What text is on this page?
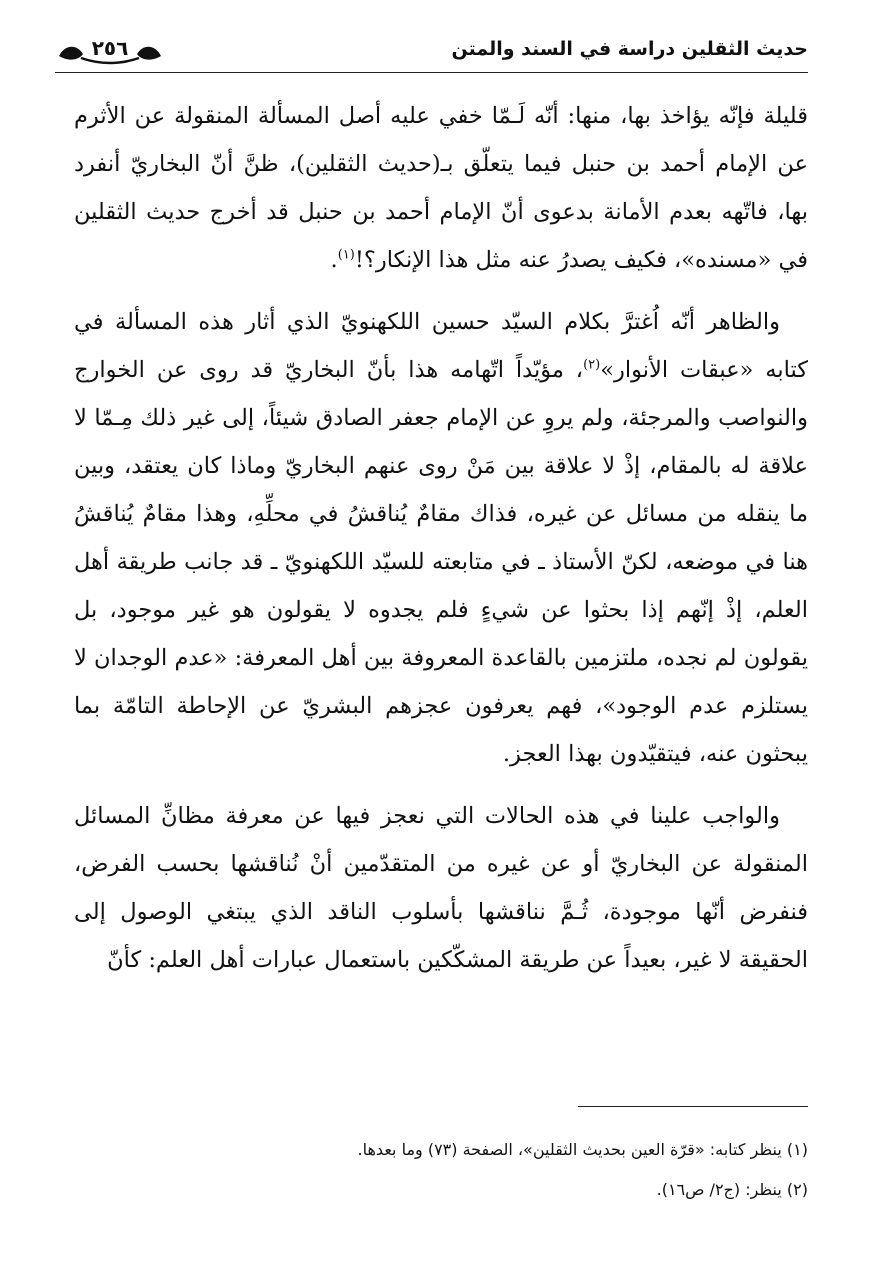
حديث الثقلين دراسة في السند والمتن
٢٥٦

قليلة فإنّه يؤاخذ بها، منها: أنّه لَـمّا خفي عليه أصل المسألة المنقولة عن الأثرم عن الإمام أحمد بن حنبل فيما يتعلّق بـ(حديث الثقلين)، ظنَّ أنّ البخاريّ أنفرد بها، فاتّهه بعدم الأمانة بدعوى أنّ الإمام أحمد بن حنبل قد أخرج حديث الثقلين في «مسنده»، فكيف يصدرُ عنه مثل هذا الإنكار؟!$^{(١)}$.

والظاهر أنّه اُغترَّ بكلام السيّد حسين اللكهنويّ الذي أثار هذه المسألة في كتابه «عبقات الأنوار»$^{(٢)}$، مؤيّداً اتّهامه هذا بأنّ البخاريّ قد روى عن الخوارج والنواصب والمرجئة، ولم يروِ عن الإمام جعفر الصادق شيئاً، إلى غير ذلك مِـمّا لا علاقة له بالمقام، إذْ لا علاقة بين مَنْ روى عنهم البخاريّ وماذا كان يعتقد، وبين ما ينقله من مسائل عن غيره، فذاك مقامٌ يُناقشُ في محلِّهِ، وهذا مقامٌ يُناقشُ هنا في موضعه، لكنّ الأستاذ ـ في متابعته للسيّد اللكهنويّ ـ قد جانب طريقة أهل العلم، إذْ إنّهم إذا بحثوا عن شيءٍ فلم يجدوه لا يقولون هو غير موجود، بل يقولون لم نجده، ملتزمين بالقاعدة المعروفة بين أهل المعرفة: «عدم الوجدان لا يستلزم عدم الوجود»، فهم يعرفون عجزهم البشريّ عن الإحاطة التامّة بما يبحثون عنه، فيتقيّدون بهذا العجز.

والواجب علينا في هذه الحالات التي نعجز فيها عن معرفة مظانِّ المسائل المنقولة عن البخاريّ أو عن غيره من المتقدّمين أنْ نُناقشها بحسب الفرض، فنفرض أنّها موجودة، ثُـمَّ نناقشها بأسلوب الناقد الذي يبتغي الوصول إلى الحقيقة لا غير، بعيداً عن طريقة المشكّكين باستعمال عبارات أهل العلم: كأنّ

(١) ينظر كتابه: «قرّة العين بحديث الثقلين»، الصفحة (٧٣) وما بعدها.
(٢) ينظر: (ج٢/ ص١٦).
